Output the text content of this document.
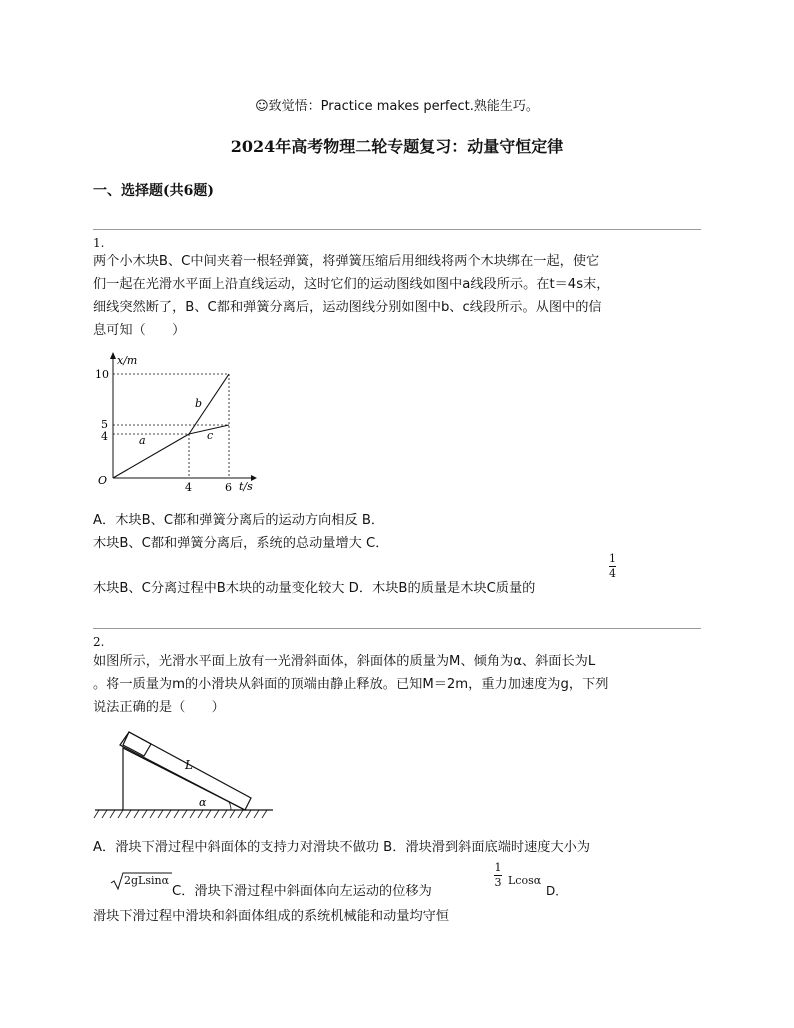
☺致觉悟：Practice makes perfect.熟能生巧。
2024年高考物理二轮专题复习：动量守恒定律
一、选择题(共6题)
1.
两个小木块B、C中间夹着一根轻弹簧，将弹簧压缩后用细线将两个木块绑在一起，使它
们一起在光滑水平面上沿直线运动，这时它们的运动图线如图中a线段所示。在t＝4s末，
细线突然断了，B、C都和弹簧分离后，运动图线分别如图中b、c线段所示。从图中的信
息可知（　　）
x/m
t/s
O
10
5
4
4	6
a
b
c
A．木块B、C都和弹簧分离后的运动方向相反 B．
木块B、C都和弹簧分离后，系统的总动量增大 C．
木块B、C分离过程中B木块的动量变化较大 D．木块B的质量是木块C质量的
1
4
2.
如图所示，光滑水平面上放有一光滑斜面体，斜面体的质量为M、倾角为α、斜面长为L
。将一质量为m的小滑块从斜面的顶端由静止释放。已知M＝2m，重力加速度为g，下列
说法正确的是（　　）
L
α
A．滑块下滑过程中斜面体的支持力对滑块不做功 B．滑块滑到斜面底端时速度大小为
2gLsinα
C．滑块下滑过程中斜面体向左运动的位移为
1
3 Lcosα
D．
滑块下滑过程中滑块和斜面体组成的系统机械能和动量均守恒
